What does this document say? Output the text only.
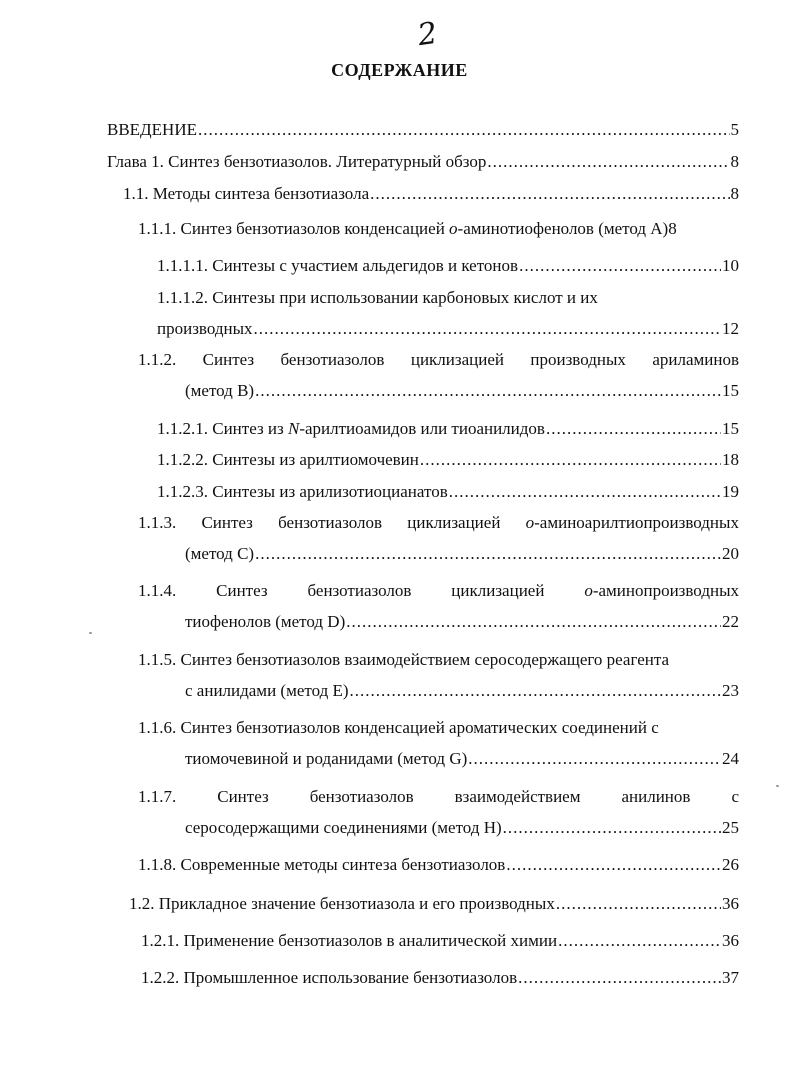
2
СОДЕРЖАНИЕ
ВВЕДЕНИЕ .....	5
Глава 1. Синтез бензотиазолов. Литературный обзор .....	8
1.1. Методы синтеза бензотиазола .....	8
1.1.1. Синтез бензотиазолов конденсацией о-аминотиофенолов (метод А)8
1.1.1.1. Синтезы с участием альдегидов и кетонов .....	10
1.1.1.2. Синтезы при использовании карбоновых кислот и их
производных .....	12
1.1.2. Синтез бензотиазолов циклизацией производных ариламинов
(метод В) .....	15
1.1.2.1. Синтез из N-арилтиоамидов или тиоанилидов .....	15
1.1.2.2. Синтезы из арилтиомочевин .....	18
1.1.2.3. Синтезы из арилизотиоцианатов .....	19
1.1.3. Синтез бензотиазолов циклизацией о-аминоарилтиопроизводных
(метод С) .....	20
1.1.4. Синтез бензотиазолов циклизацией о-аминопроизводных
тиофенолов (метод D) .....	22
1.1.5. Синтез бензотиазолов взаимодействием серосодержащего реагента
с анилидами (метод Е) .....	23
1.1.6. Синтез бензотиазолов конденсацией ароматических соединений с
тиомочевиной и роданидами (метод G) .....	24
1.1.7. Синтез бензотиазолов взаимодействием анилинов с
серосодержащими соединениями (метод Н) .....	25
1.1.8. Современные методы синтеза бензотиазолов .....	26
1.2. Прикладное значение бензотиазола и его производных .....	36
1.2.1. Применение бензотиазолов в аналитической химии .....	36
1.2.2. Промышленное использование бензотиазолов .....	37
